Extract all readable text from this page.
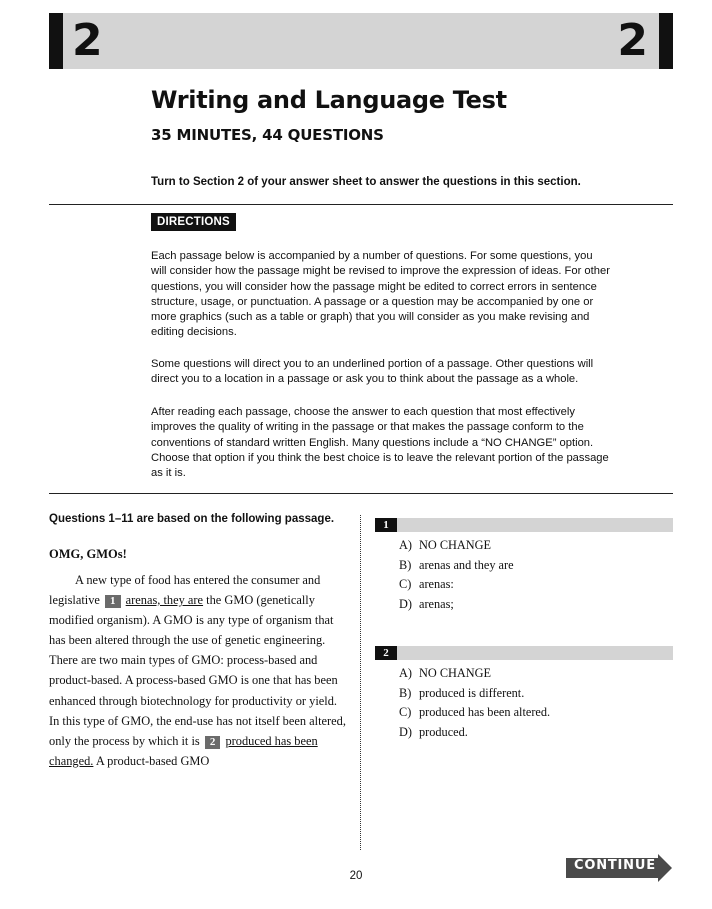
2	2
Writing and Language Test
35 MINUTES, 44 QUESTIONS
Turn to Section 2 of your answer sheet to answer the questions in this section.
DIRECTIONS

Each passage below is accompanied by a number of questions. For some questions, you will consider how the passage might be revised to improve the expression of ideas. For other questions, you will consider how the passage might be edited to correct errors in sentence structure, usage, or punctuation. A passage or a question may be accompanied by one or more graphics (such as a table or graph) that you will consider as you make revising and editing decisions.

Some questions will direct you to an underlined portion of a passage. Other questions will direct you to a location in a passage or ask you to think about the passage as a whole.

After reading each passage, choose the answer to each question that most effectively improves the quality of writing in the passage or that makes the passage conform to the conventions of standard written English. Many questions include a “NO CHANGE” option. Choose that option if you think the best choice is to leave the relevant portion of the passage as it is.

Questions 1–11 are based on the following passage.
OMG, GMOs!
A new type of food has entered the consumer and
legislative 1 arenas, they are the GMO (genetically
modified organism). A GMO is any type of organism that
has been altered through the use of genetic engineering.
There are two main types of GMO: process-based and
product-based. A process-based GMO is one that has been
enhanced through biotechnology for productivity or yield.
In this type of GMO, the end-use has not itself been altered,
only the process by which it is 2 produced has been
changed. A product-based GMO
1
A) NO CHANGE
B) arenas and they are
C) arenas:
D) arenas;
2
A) NO CHANGE
B) produced is different.
C) produced has been altered.
D) produced.
20
CONTINUE
